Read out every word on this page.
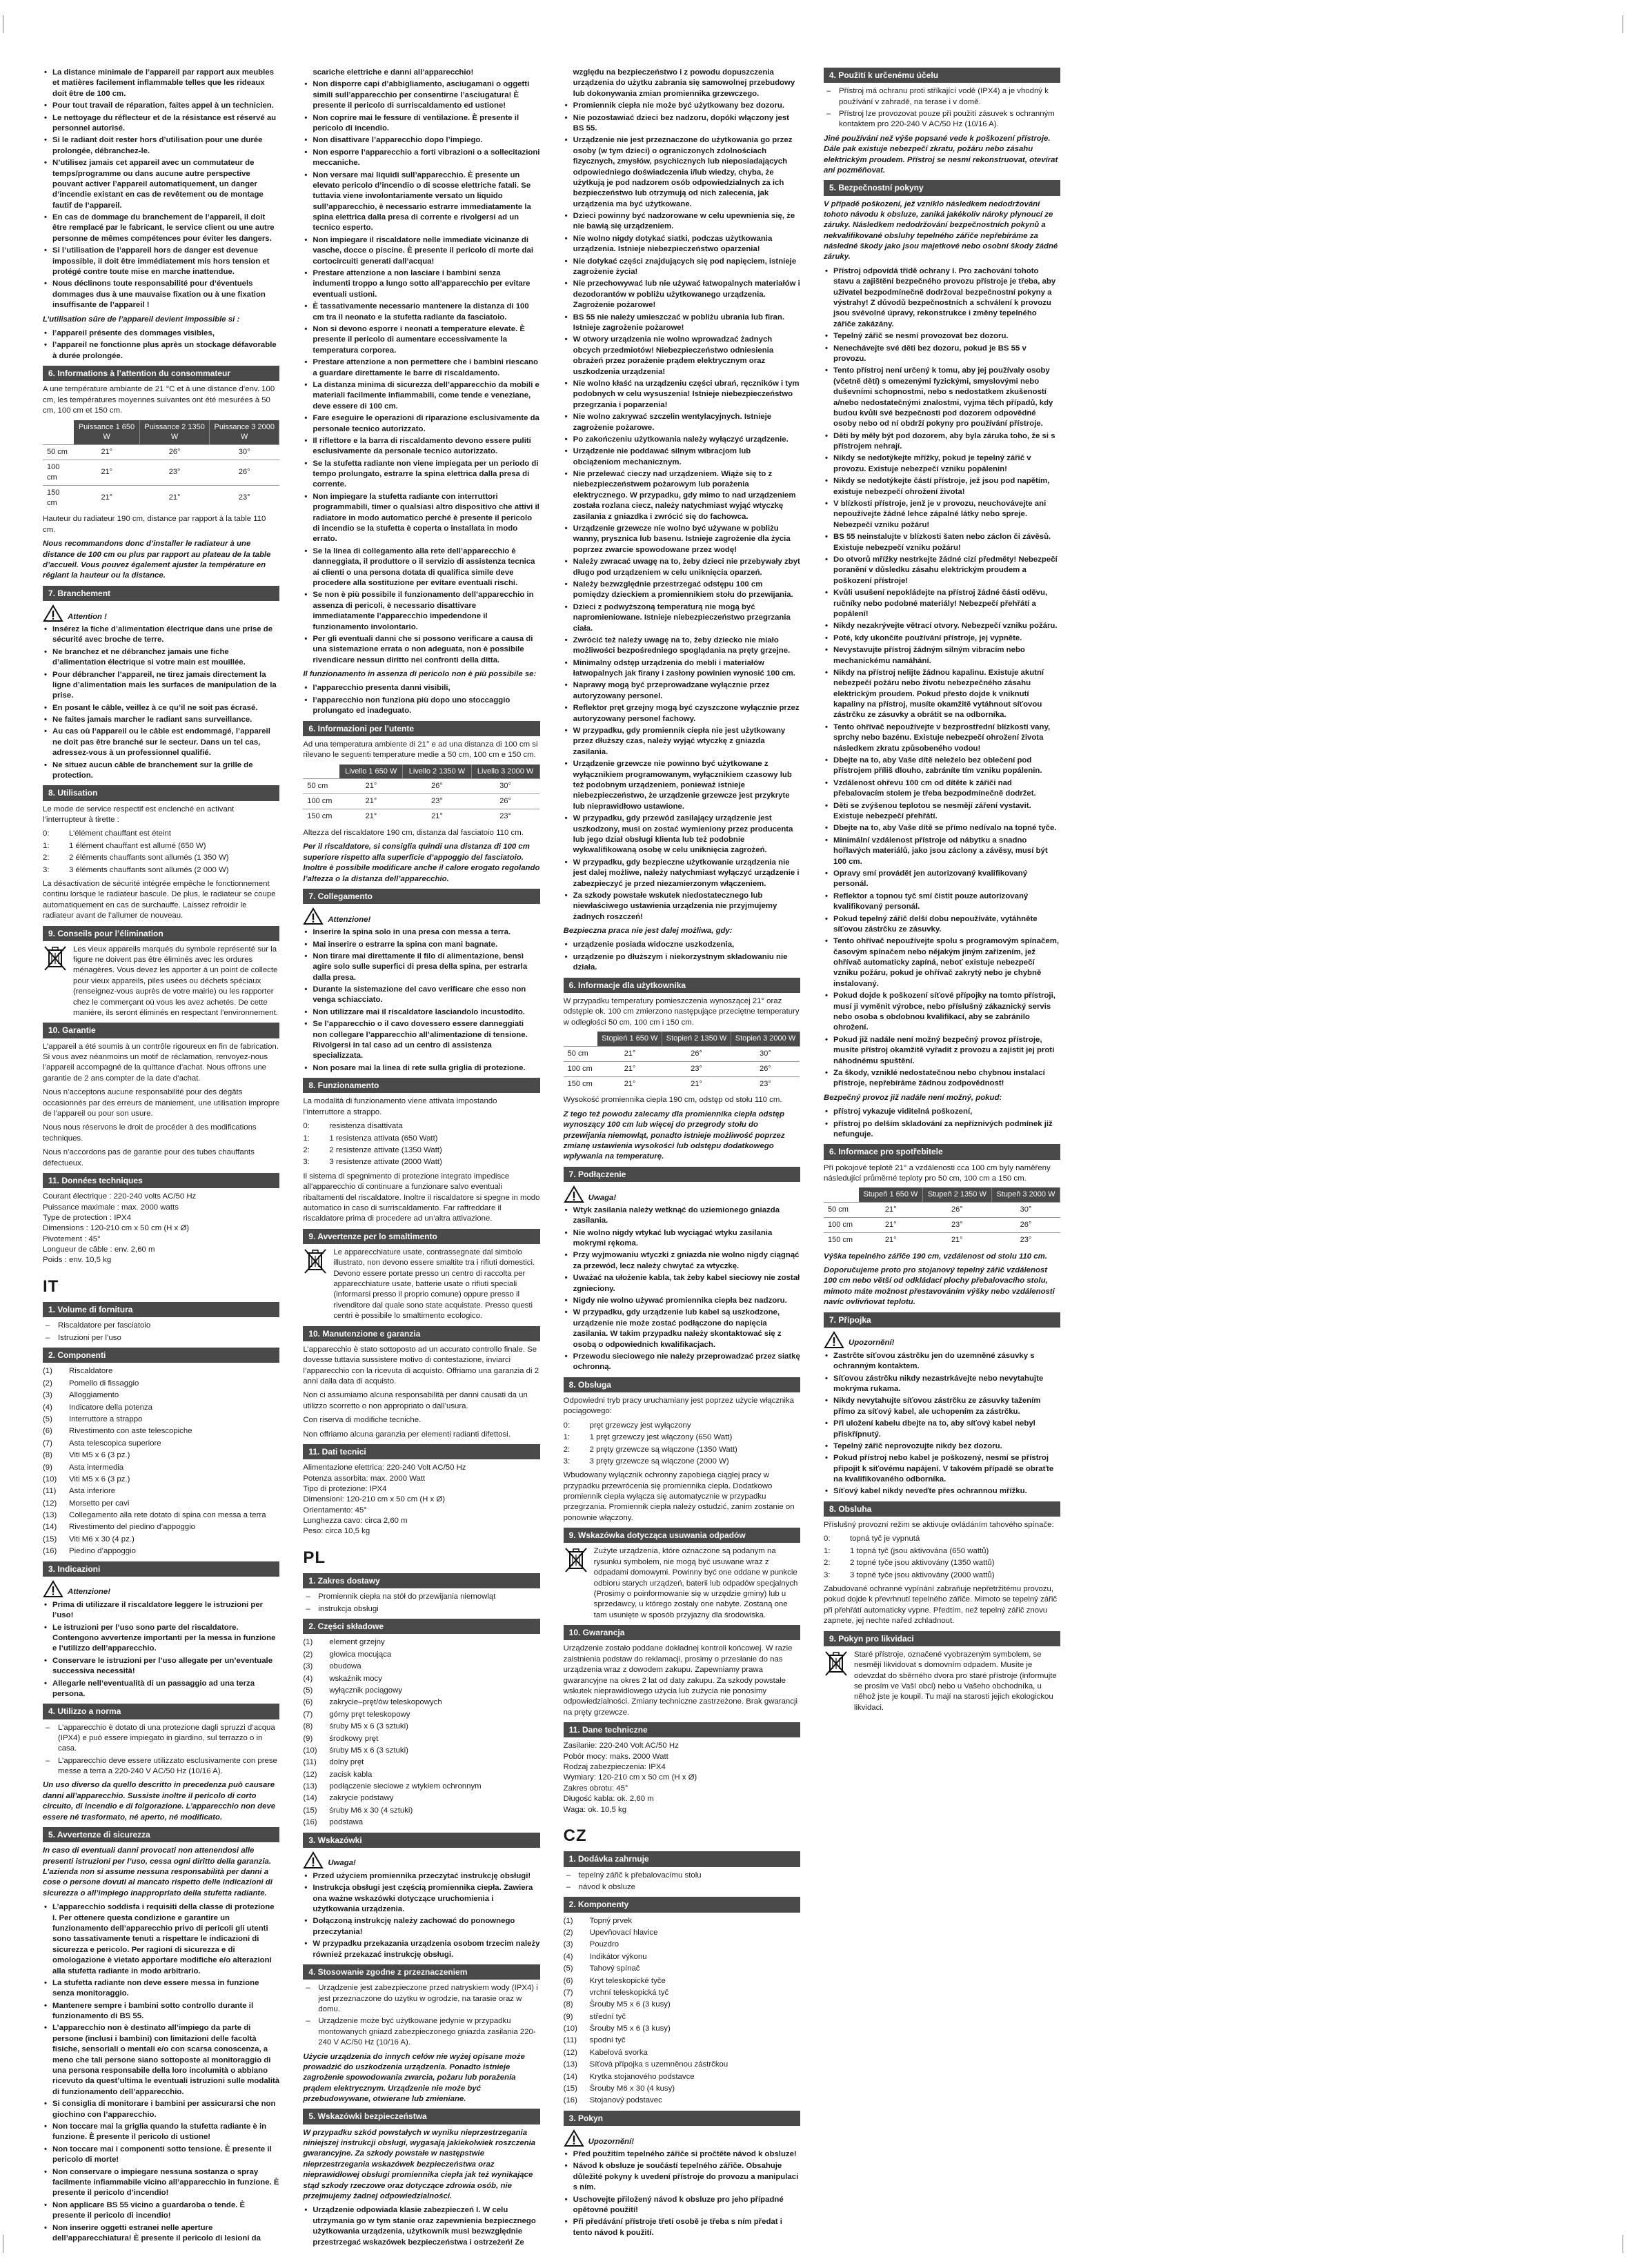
• La distance minimale de l’appareil par rapport aux meubles et matières facilement inflammable telles que les rideaux doit être de 100 cm.
• Pour tout travail de réparation, faites appel à un technicien.
• Le nettoyage du réflecteur et de la résistance est réservé au personnel autorisé.
• Si le radiant doit rester hors d’utilisation pour une durée prolongée, débranchez-le.
• N’utilisez jamais cet appareil avec un commutateur de temps/programme ou dans aucune autre perspective pouvant activer l’appareil automatiquement, un danger d’incendie existant en cas de revêtement ou de montage fautif de l’appareil.
• En cas de dommage du branchement de l’appareil, il doit être remplacé par le fabricant, le service client ou une autre personne de mêmes compétences pour éviter les dangers.
• Si l’utilisation de l’appareil hors de danger est devenue impossible, il doit être immédiatement mis hors tension et protégé contre toute mise en marche inattendue.
• Nous déclinons toute responsabilité pour d’éventuels dommages dus à une mauvaise fixation ou à une fixation insuffisante de l’appareil !

L’utilisation sûre de l’appareil devient impossible si :

• l’appareil présente des dommages visibles,
• l’appareil ne fonctionne plus après un stockage défavorable à durée prolongée.
6. Informations à l’attention du consommateur

A une température ambiante de 21 °C et à une distance d’env. 100 cm, les températures moyennes suivantes ont été mesurées à 50 cm, 100 cm et 150 cm.

	Puissance 1 650 W	Puissance 2 1350 W	Puissance 3 2000 W
50 cm	21°	26°	30°
100 cm	21°	23°	26°
150 cm	21°	21°	23°

Hauteur du radiateur 190 cm, distance par rapport à la table 110 cm.

Nous recommandons donc d’installer le radiateur à une distance de 100 cm ou plus par rapport au plateau de la table d’accueil. Vous pouvez également ajuster la température en réglant la hauteur ou la distance.

7. Branchement
Attention !
• Insérez la fiche d’alimentation électrique dans une prise de sécurité avec broche de terre.
• Ne branchez et ne débranchez jamais une fiche d’alimentation électrique si votre main est mouillée.
• Pour débrancher l’appareil, ne tirez jamais directement la ligne d’alimentation mais les surfaces de manipulation de la prise.
• En posant le câble, veillez à ce qu’il ne soit pas écrasé.
• Ne faites jamais marcher le radiant sans surveillance.
• Au cas où l’appareil ou le câble est endommagé, l’appareil ne doit pas être branché sur le secteur. Dans un tel cas, adressez-vous à un professionnel qualifié.
• Ne situez aucun câble de branchement sur la grille de protection.
8. Utilisation

Le mode de service respectif est enclenché en activant l’interrupteur à tirette :

0:	L’élément chauffant est éteint
1:	1 élément chauffant est allumé (650 W)
2:	2 éléments chauffants sont allumés (1 350 W)
3:	3 éléments chauffants sont allumés (2 000 W)

La désactivation de sécurité intégrée empêche le fonctionnement continu lorsque le radiateur bascule. De plus, le radiateur se coupe automatiquement en cas de surchauffe. Laissez refroidir le radiateur avant de l’allumer de nouveau.

9. Conseils pour l’élimination

Les vieux appareils marqués du symbole représenté sur la figure ne doivent pas être éliminés avec les ordures ménagères. Vous devez les apporter à un point de collecte pour vieux appareils, piles usées ou déchets spéciaux (renseignez-vous auprès de votre mairie) ou les rapporter chez le commerçant où vous les avez achetés. De cette manière, ils seront éliminés en respectant l’environnement.

10. Garantie

L’appareil a été soumis à un contrôle rigoureux en fin de fabrication. Si vous avez néanmoins un motif de réclamation, renvoyez-nous l’appareil accompagné de la quittance d’achat. Nous offrons une garantie de 2 ans compter de la date d’achat.

Nous n’acceptons aucune responsabilité pour des dégâts occasionnés par des erreurs de maniement, une utilisation impropre de l’appareil ou pour son usure.

Nous nous réservons le droit de procéder à des modifications techniques.

Nous n’accordons pas de garantie pour des tubes chauffants défectueux.

11. Données techniques
Courant électrique : 220-240 volts AC/50 Hz
Puissance maximale : max. 2000 watts
Type de protection : IPX4
Dimensions : 120-210 cm x 50 cm (H x Ø)
Pivotement : 45°
Longueur de câble : env. 2,60 m
Poids : env. 10,5 kg
IT
1. Volume di fornitura
– Riscaldatore per fasciatoio
– Istruzioni per l’uso
2. Componenti
(1)	Riscaldatore
(2)	Pomello di fissaggio
(3)	Alloggiamento
(4)	Indicatore della potenza
(5)	Interruttore a strappo
(6)	Rivestimento con aste telescopiche
(7)	Asta telescopica superiore
(8)	Viti M5 x 6 (3 pz.)
(9)	Asta intermedia
(10)	Viti M5 x 6 (3 pz.)
(11)	Asta inferiore
(12)	Morsetto per cavi
(13)	Collegamento alla rete dotato di spina con messa a terra
(14)	Rivestimento del piedino d’appoggio
(15)	Viti M6 x 30 (4 pz.)
(16)	Piedino d’appoggio
3. Indicazioni
Attenzione!
• Prima di utilizzare il riscaldatore leggere le istruzioni per l’uso!
• Le istruzioni per l’uso sono parte del riscaldatore. Contengono avvertenze importanti per la messa in funzione e l’utilizzo dell’apparecchio.
• Conservare le istruzioni per l’uso allegate per un’eventuale successiva necessità!
• Allegarle nell’eventualità di un passaggio ad una terza persona.
4. Utilizzo a norma
– L’apparecchio è dotato di una protezione dagli spruzzi d’acqua (IPX4) e può essere impiegato in giardino, sul terrazzo o in casa.
– L’apparecchio deve essere utilizzato esclusivamente con prese messe a terra a 220-240 V AC/50 Hz (10/16 A).

Un uso diverso da quello descritto in precedenza può causare danni all’apparecchio. Sussiste inoltre il pericolo di corto circuito, di incendio e di folgorazione. L’apparecchio non deve essere né trasformato, né aperto, né modificato.

5. Avvertenze di sicurezza

In caso di eventuali danni provocati non attenendosi alle presenti istruzioni per l’uso, cessa ogni diritto della garanzia. L’azienda non si assume nessuna responsabilità per danni a cose o persone dovuti al mancato rispetto delle indicazioni di sicurezza o all’impiego inappropriato della stufetta radiante.

• L’apparecchio soddisfa i requisiti della classe di protezione I. Per ottenere questa condizione e garantire un funzionamento dell’apparecchio privo di pericoli gli utenti sono tassativamente tenuti a rispettare le indicazioni di sicurezza e pericolo. Per ragioni di sicurezza e di omologazione è vietato apportare modifiche e/o alterazioni alla stufetta radiante in modo arbitrario.
• La stufetta radiante non deve essere messa in funzione senza monitoraggio.
• Mantenere sempre i bambini sotto controllo durante il funzionamento di BS 55.
• L’apparecchio non è destinato all’impiego da parte di persone (inclusi i bambini) con limitazioni delle facoltà fisiche, sensoriali o mentali e/o con scarsa conoscenza, a meno che tali persone siano sottoposte al monitoraggio di una persona responsabile della loro incolumità o abbiano ricevuto da quest’ultima le eventuali istruzioni sulle modalità di funzionamento dell’apparecchio.
• Si consiglia di monitorare i bambini per assicurarsi che non giochino con l’apparecchio.
• Non toccare mai la griglia quando la stufetta radiante è in funzione. È presente il pericolo di ustione!
• Non toccare mai i componenti sotto tensione. È presente il pericolo di morte!
• Non conservare o impiegare nessuna sostanza o spray facilmente infiammabile vicino all’apparecchio in funzione. È presente il pericolo d’incendio!
• Non applicare BS 55 vicino a guardaroba o tende. È presente il pericolo di incendio!
• Non inserire oggetti estranei nelle aperture dell’apparecchiatura! È presente il pericolo di lesioni da scariche elettriche e danni all’apparecchio!
• Non disporre capi d’abbigliamento, asciugamani o oggetti simili sull’apparecchio per consentirne l’asciugatura! È presente il pericolo di surriscaldamento ed ustione!
• Non coprire mai le fessure di ventilazione. È presente il pericolo di incendio.
• Non disattivare l’apparecchio dopo l’impiego.
• Non esporre l’apparecchio a forti vibrazioni o a sollecitazioni meccaniche.
• Non versare mai liquidi sull’apparecchio. È presente un elevato pericolo d’incendio o di scosse elettriche fatali. Se tuttavia viene involontariamente versato un liquido sull’apparecchio, è necessario estrarre immediatamente la spina elettrica dalla presa di corrente e rivolgersi ad un tecnico esperto.
• Non impiegare il riscaldatore nelle immediate vicinanze di vasche, docce o piscine. È presente il pericolo di morte dai cortocircuiti generati dall’acqua!
• Prestare attenzione a non lasciare i bambini senza indumenti troppo a lungo sotto all’apparecchio per evitare eventuali ustioni.
• È tassativamente necessario mantenere la distanza di 100 cm tra il neonato e la stufetta radiante da fasciatoio.
• Non si devono esporre i neonati a temperature elevate. È presente il pericolo di aumentare eccessivamente la temperatura corporea.
• Prestare attenzione a non permettere che i bambini riescano a guardare direttamente le barre di riscaldamento.
• La distanza minima di sicurezza dell’apparecchio da mobili e materiali facilmente infiammabili, come tende e veneziane, deve essere di 100 cm.
• Fare eseguire le operazioni di riparazione esclusivamente da personale tecnico autorizzato.
• Il riflettore e la barra di riscaldamento devono essere puliti esclusivamente da personale tecnico autorizzato.
• Se la stufetta radiante non viene impiegata per un periodo di tempo prolungato, estrarre la spina elettrica dalla presa di corrente.
• Non impiegare la stufetta radiante con interruttori programmabili, timer o qualsiasi altro dispositivo che attivi il radiatore in modo automatico perché è presente il pericolo di incendio se la stufetta è coperta o installata in modo errato.
• Se la linea di collegamento alla rete dell’apparecchio è danneggiata, il produttore o il servizio di assistenza tecnica ai clienti o una persona dotata di qualifica simile deve procedere alla sostituzione per evitare eventuali rischi.
• Se non è più possibile il funzionamento dell’apparecchio in assenza di pericoli, è necessario disattivare immediatamente l’apparecchio impedendone il funzionamento involontario.
• Per gli eventuali danni che si possono verificare a causa di una sistemazione errata o non adeguata, non è possibile rivendicare nessun diritto nei confronti della ditta.

Il funzionamento in assenza di pericolo non è più possibile se:

• l’apparecchio presenta danni visibili,
• l’apparecchio non funziona più dopo uno stoccaggio prolungato ed inadeguato.
6. Informazioni per l’utente

Ad una temperatura ambiente di 21° e ad una distanza di 100 cm si rilevano le seguenti temperature medie a 50 cm, 100 cm e 150 cm.

	Livello 1 650 W	Livello 2 1350 W	Livello 3 2000 W
50 cm	21°	26°	30°
100 cm	21°	23°	26°
150 cm	21°	21°	23°

Altezza del riscaldatore 190 cm, distanza dal fasciatoio 110 cm.

Per il riscaldatore, si consiglia quindi una distanza di 100 cm superiore rispetto alla superficie d’appoggio del fasciatoio. Inoltre è possibile modificare anche il calore erogato regolando l’altezza o la distanza dell’apparecchio.

7. Collegamento
Attenzione!
• Inserire la spina solo in una presa con messa a terra.
• Mai inserire o estrarre la spina con mani bagnate.
• Non tirare mai direttamente il filo di alimentazione, bensì agire solo sulle superfici di presa della spina, per estrarla dalla presa.
• Durante la sistemazione del cavo verificare che esso non venga schiacciato.
• Non utilizzare mai il riscaldatore lasciandolo incustodito.
• Se l’apparecchio o il cavo dovessero essere danneggiati non collegare l’apparecchio all’alimentazione di tensione. Rivolgersi in tal caso ad un centro di assistenza specializzata.
• Non posare mai la linea di rete sulla griglia di protezione.
8. Funzionamento

La modalità di funzionamento viene attivata impostando l’interruttore a strappo.

0:	resistenza disattivata
1:	1 resistenza attivata (650 Watt)
2:	2 resistenze attivate (1350 Watt)
3:	3 resistenze attivate (2000 Watt)

Il sistema di spegnimento di protezione integrato impedisce all’apparecchio di continuare a funzionare salvo eventuali ribaltamenti del riscaldatore. Inoltre il riscaldatore si spegne in modo automatico in caso di surriscaldamento. Far raffreddare il riscaldatore prima di procedere ad un’altra attivazione.

9. Avvertenze per lo smaltimento

Le apparecchiature usate, contrassegnate dal simbolo illustrato, non devono essere smaltite tra i rifiuti domestici. Devono essere portate presso un centro di raccolta per apparecchiature usate, batterie usate o rifiuti speciali (informarsi presso il proprio comune) oppure presso il rivenditore dal quale sono state acquistate. Presso questi centri è possibile lo smaltimento ecologico.

10. Manutenzione e garanzia

L’apparecchio è stato sottoposto ad un accurato controllo finale. Se dovesse tuttavia sussistere motivo di contestazione, inviarci l’apparecchio con la ricevuta di acquisto. Offriamo una garanzia di 2 anni dalla data di acquisto.

Non ci assumiamo alcuna responsabilità per danni causati da un utilizzo scorretto o non appropriato o dall’usura.

Con riserva di modifiche tecniche.

Non offriamo alcuna garanzia per elementi radianti difettosi.

11. Dati tecnici
Alimentazione elettrica: 220-240 Volt AC/50 Hz
Potenza assorbita: max. 2000 Watt
Tipo di protezione: IPX4
Dimensioni: 120-210 cm x 50 cm (H x Ø)
Orientamento: 45°
Lunghezza cavo: circa 2,60 m
Peso: circa 10,5 kg
PL
1. Zakres dostawy
– Promiennik ciepła na stół do przewijania niemowląt
– instrukcja obsługi
2. Części składowe
(1)	element grzejny
(2)	głowica mocująca
(3)	obudowa
(4)	wskaźnik mocy
(5)	wyłącznik pociągowy
(6)	zakrycie–pręt/ów teleskopowych
(7)	górny pręt teleskopowy
(8)	śruby M5 x 6 (3 sztuki)
(9)	środkowy pręt
(10)	śruby M5 x 6 (3 sztuki)
(11)	dolny pręt
(12)	zacisk kabla
(13)	podłączenie sieciowe z wtykiem ochronnym
(14)	zakrycie podstawy
(15)	śruby M6 x 30 (4 sztuki)
(16)	podstawa
3. Wskazówki
Uwaga!
• Przed użyciem promiennika przeczytać instrukcję obsługi!
• Instrukcja obsługi jest częścią promiennika ciepła. Zawiera ona ważne wskazówki dotyczące uruchomienia i użytkowania urządzenia.
• Dołączoną instrukcję należy zachować do ponownego przeczytania!
• W przypadku przekazania urządzenia osobom trzecim należy również przekazać instrukcję obsługi.
4. Stosowanie zgodne z przeznaczeniem
– Urządzenie jest zabezpieczone przed natryskiem wody (IPX4) i jest przeznaczone do użytku w ogrodzie, na tarasie oraz w domu.
– Urządzenie może być użytkowane jedynie w przypadku montowanych gniazd zabezpieczonego gniazda zasilania 220-240 V AC/50 Hz (10/16 A).

Użycie urządzenia do innych celów nie wyżej opisane może prowadzić do uszkodzenia urządzenia. Ponadto istnieje zagrożenie spowodowania zwarcia, pożaru lub porażenia prądem elektrycznym. Urządzenie nie może być przebudowywane, otwierane lub zmieniane.

5. Wskazówki bezpieczeństwa

W przypadku szkód powstałych w wyniku nieprzestrzegania niniejszej instrukcji obsługi, wygasają jakiekolwiek roszczenia gwarancyjne. Za szkody powstałe w następstwie nieprzestrzegania wskazówek bezpieczeństwa oraz nieprawidłowej obsługi promiennika ciepła jak też wynikające stąd szkody rzeczowe oraz dotyczące zdrowia osób, nie przejmujemy żadnej odpowiedzialności.

• Urządzenie odpowiada klasie zabezpieczeń I. W celu utrzymania go w tym stanie oraz zapewnienia bezpiecznego użytkowania urządzenia, użytkownik musi bezwzględnie przestrzegać wskazówek bezpieczeństwa i ostrzeżeń! Ze względu na bezpieczeństwo i z powodu dopuszczenia urządzenia do użytku zabrania się samowolnej przebudowy lub dokonywania zmian promiennika grzewczego.
• Promiennik ciepła nie może być użytkowany bez dozoru.
• Nie pozostawiać dzieci bez nadzoru, dopóki włączony jest BS 55.
• Urządzenie nie jest przeznaczone do użytkowania go przez osoby (w tym dzieci) o ograniczonych zdolnościach fizycznych, zmysłów, psychicznych lub nieposiadających odpowiedniego doświadczenia i/lub wiedzy, chyba, że użytkują je pod nadzorem osób odpowiedzialnych za ich bezpieczeństwo lub otrzymują od nich zalecenia, jak urządzenia ma być użytkowane.
• Dzieci powinny być nadzorowane w celu upewnienia się, że nie bawią się urządzeniem.
• Nie wolno nigdy dotykać siatki, podczas użytkowania urządzenia. Istnieje niebezpieczeństwo oparzenia!
• Nie dotykać części znajdujących się pod napięciem, istnieje zagrożenie życia!
• Nie przechowywać lub nie używać łatwopalnych materiałów i dezodorantów w pobliżu użytkowanego urządzenia. Zagrożenie pożarowe!
• BS 55 nie należy umieszczać w pobliżu ubrania lub firan. Istnieje zagrożenie pożarowe!
• W otwory urządzenia nie wolno wprowadzać żadnych obcych przedmiotów! Niebezpieczeństwo odniesienia obrażeń przez porażenie prądem elektrycznym oraz uszkodzenia urządzenia!
• Nie wolno kłaść na urządzeniu części ubrań, ręczników i tym podobnych w celu wysuszenia! Istnieje niebezpieczeństwo przegrzania i poparzenia!
• Nie wolno zakrywać szczelin wentylacyjnych. Istnieje zagrożenie pożarowe.
• Po zakończeniu użytkowania należy wyłączyć urządzenie.
• Urządzenie nie poddawać silnym wibracjom lub obciążeniom mechanicznym.
• Nie przelewać cieczy nad urządzeniem. Wiąże się to z niebezpieczeństwem pożarowym lub porażenia elektrycznego. W przypadku, gdy mimo to nad urządzeniem została rozlana ciecz, należy natychmiast wyjąć wtyczkę zasilania z gniazdka i zwrócić się do fachowca.
• Urządzenie grzewcze nie wolno być używane w pobliżu wanny, prysznica lub basenu. Istnieje zagrożenie dla życia poprzez zwarcie spowodowane przez wodę!
• Należy zwracać uwagę na to, żeby dzieci nie przebywały zbyt długo pod urządzeniem w celu uniknięcia oparzeń.
• Należy bezwzględnie przestrzegać odstępu 100 cm pomiędzy dzieckiem a promiennikiem stołu do przewijania.
• Dzieci z podwyższoną temperaturą nie mogą być napromieniowane. Istnieje niebezpieczeństwo przegrzania ciała.
• Zwrócić też należy uwagę na to, żeby dziecko nie miało możliwości bezpośredniego spoglądania na pręty grzejne.
• Minimalny odstęp urządzenia do mebli i materiałów łatwopalnych jak firany i zasłony powinien wynosić 100 cm.
• Naprawy mogą być przeprowadzane wyłącznie przez autoryzowany personel.
• Reflektor pręt grzejny mogą być czyszczone wyłącznie przez autoryzowany personel fachowy.
• W przypadku, gdy promiennik ciepła nie jest użytkowany przez dłuższy czas, należy wyjąć wtyczkę z gniazda zasilania.
• Urządzenie grzewcze nie powinno być użytkowane z wyłącznikiem programowanym, wyłącznikiem czasowy lub też podobnym urządzeniem, ponieważ istnieje niebezpieczeństwo, że urządzenie grzewcze jest przykryte lub nieprawidłowo ustawione.
• W przypadku, gdy przewód zasilający urządzenie jest uszkodzony, musi on zostać wymieniony przez producenta lub jego dział obsługi klienta lub też podobnie wykwalifikowaną osobę w celu uniknięcia zagrożeń.
• W przypadku, gdy bezpieczne użytkowanie urządzenia nie jest dalej możliwe, należy natychmiast wyłączyć urządzenie i zabezpieczyć je przed niezamierzonym włączeniem.
• Za szkody powstałe wskutek niedostatecznego lub niewłaściwego ustawienia urządzenia nie przyjmujemy żadnych roszczeń!

Bezpieczna praca nie jest dalej możliwa, gdy:

• urządzenie posiada widoczne uszkodzenia,
• urządzenie po dłuższym i niekorzystnym składowaniu nie działa.
6. Informacje dla użytkownika

W przypadku temperatury pomieszczenia wynoszącej 21° oraz odstępie ok. 100 cm zmierzono następujące przeciętne temperatury w odległości 50 cm, 100 cm i 150 cm.

	Stopień 1 650 W	Stopień 2 1350 W	Stopień 3 2000 W
50 cm	21°	26°	30°
100 cm	21°	23°	26°
150 cm	21°	21°	23°

Wysokość promiennika ciepła 190 cm, odstęp od stołu 110 cm.

Z tego też powodu zalecamy dla promiennika ciepła odstęp wynoszący 100 cm lub więcej do przegrody stołu do przewijania niemowląt, ponadto istnieje możliwość poprzez zmianę ustawienia wysokości lub odstępu dodatkowego wpływania na temperaturę.

7. Podłączenie
Uwaga!
• Wtyk zasilania należy wetknąć do uziemionego gniazda zasilania.
• Nie wolno nigdy wtykać lub wyciągać wtyku zasilania mokrymi rękoma.
• Przy wyjmowaniu wtyczki z gniazda nie wolno nigdy ciągnąć za przewód, lecz należy chwytać za wtyczkę.
• Uważać na ułożenie kabla, tak żeby kabel sieciowy nie został zgnieciony.
• Nigdy nie wolno używać promiennika ciepła bez nadzoru.
• W przypadku, gdy urządzenie lub kabel są uszkodzone, urządzenie nie może zostać podłączone do napięcia zasilania. W takim przypadku należy skontaktować się z osobą o odpowiednich kwalifikacjach.
• Przewodu sieciowego nie należy przeprowadzać przez siatkę ochronną.
8. Obsługa

Odpowiedni tryb pracy uruchamiany jest poprzez użycie włącznika pociągowego:

0:	pręt grzewczy jest wyłączony
1:	1 pręt grzewczy jest włączony (650 Watt)
2:	2 pręty grzewcze są włączone (1350 Watt)
3:	3 pręty grzewcze są włączone (2000 W)

Wbudowany wyłącznik ochronny zapobiega ciągłej pracy w przypadku przewrócenia się promiennika ciepła. Dodatkowo promiennik ciepła wyłącza się automatycznie w przypadku przegrzania. Promiennik ciepła należy ostudzić, zanim zostanie on ponownie włączony.

9. Wskazówka dotycząca usuwania odpadów

Zużyte urządzenia, które oznaczone są podanym na rysunku symbolem, nie mogą być usuwane wraz z odpadami domowymi. Powinny być one oddane w punkcie odbioru starych urządzeń, baterii lub odpadów specjalnych (Prosimy o poinformowanie się w urzędzie gminy) lub u sprzedawcy, u którego zostały one nabyte. Zostaną one tam usunięte w sposób przyjazny dla środowiska.

10. Gwarancja

Urządzenie zostało poddane dokładnej kontroli końcowej. W razie zaistnienia podstaw do reklamacji, prosimy o przesłanie do nas urządzenia wraz z dowodem zakupu. Zapewniamy prawa gwarancyjne na okres 2 lat od daty zakupu. Za szkody powstałe wskutek nieprawidłowego użycia lub zużycia nie ponosimy odpowiedzialności. Zmiany techniczne zastrzeżone. Brak gwarancji na pręty grzewcze.

11. Dane techniczne
Zasilanie: 220-240 Volt AC/50 Hz
Pobór mocy: maks. 2000 Watt
Rodzaj zabezpieczenia: IPX4
Wymiary: 120-210 cm x 50 cm (H x Ø)
Zakres obrotu: 45°
Długość kabla: ok. 2,60 m
Waga: ok. 10,5 kg
CZ
1. Dodávka zahrnuje
– tepelný zářič k přebalovacímu stolu
– návod k obsluze
2. Komponenty
(1)	Topný prvek
(2)	Upevňovací hlavice
(3)	Pouzdro
(4)	Indikátor výkonu
(5)	Tahový spínač
(6)	Kryt teleskopické tyče
(7)	vrchní teleskopická tyč
(8)	Šrouby M5 x 6 (3 kusy)
(9)	střední tyč
(10)	Šrouby M5 x 6 (3 kusy)
(11)	spodní tyč
(12)	Kabelová svorka
(13)	Síťová přípojka s uzemněnou zástrčkou
(14)	Krytka stojanového podstavce
(15)	Šrouby M6 x 30 (4 kusy)
(16)	Stojanový podstavec
3. Pokyn
Upozornění!
• Před použitím tepelného zářiče si pročtěte návod k obsluze!
• Návod k obsluze je součástí tepelného zářiče. Obsahuje důležité pokyny k uvedení přístroje do provozu a manipulaci s ním.
• Uschovejte přiložený návod k obsluze pro jeho případné opětovné použití!
• Při předávání přístroje třetí osobě je třeba s ním předat i tento návod k použití.
4. Použití k určenému účelu
– Přístroj má ochranu proti stříkající vodě (IPX4) a je vhodný k používání v zahradě, na terase i v domě.
– Přístroj lze provozovat pouze při použití zásuvek s ochranným kontaktem pro 220-240 V AC/50 Hz (10/16 A).

Jiné používání než výše popsané vede k poškození přístroje. Dále pak existuje nebezpečí zkratu, požáru nebo zásahu elektrickým proudem. Přístroj se nesmí rekonstruovat, otevírat ani pozměňovat.

5. Bezpečnostní pokyny

V případě poškození, jež vzniklo následkem nedodržování tohoto návodu k obsluze, zaniká jakékoliv nároky plynoucí ze záruky. Následkem nedodržování bezpečnostních pokynů a nekvalifikované obsluhy tepelného zářiče nepřebíráme za následné škody jako jsou majetkové nebo osobní škody žádné záruky.

• Přístroj odpovídá třídě ochrany I. Pro zachování tohoto stavu a zajištění bezpečného provozu přístroje je třeba, aby uživatel bezpodmínečně dodržoval bezpečnostní pokyny a výstrahy! Z důvodů bezpečnostních a schválení k provozu jsou svévolné úpravy, rekonstrukce i změny tepelného zářiče zakázány.
• Tepelný zářič se nesmí provozovat bez dozoru.
• Nenechávejte své děti bez dozoru, pokud je BS 55 v provozu.
• Tento přístroj není určený k tomu, aby jej používaly osoby (včetně dětí) s omezenými fyzickými, smyslovými nebo duševními schopnostmi, nebo s nedostatkem zkušeností a/nebo nedostatečnými znalostmi, vyjma těch případů, kdy budou kvůli své bezpečnosti pod dozorem odpovědné osoby nebo od ní obdrží pokyny pro používání přístroje.
• Děti by měly být pod dozorem, aby byla záruka toho, že si s přístrojem nehrají.
• Nikdy se nedotýkejte mřížky, pokud je tepelný zářič v provozu. Existuje nebezpečí vzniku popálenin!
• Nikdy se nedotýkejte částí přístroje, jež jsou pod napětím, existuje nebezpečí ohrožení života!
• V blízkosti přístroje, jenž je v provozu, neuchovávejte ani nepoužívejte žádné lehce zápalné látky nebo spreje. Nebezpečí vzniku požáru!
• BS 55 neinstalujte v blízkosti šaten nebo záclon či závěsů. Existuje nebezpečí vzniku požáru!
• Do otvorů mřížky nestrkejte žádné cizí předměty! Nebezpečí poranění v důsledku zásahu elektrickým proudem a poškození přístroje!
• Kvůli usušení nepokládejte na přístroj žádné části oděvu, ručníky nebo podobné materiály! Nebezpečí přehřátí a popálení!
• Nikdy nezakrývejte větrací otvory. Nebezpečí vzniku požáru.
• Poté, kdy ukončíte používání přístroje, jej vypněte.
• Nevystavujte přístroj žádným silným vibracím nebo mechanickému namáhání.
• Nikdy na přístroj nelijte žádnou kapalinu. Existuje akutní nebezpečí požáru nebo životu nebezpečného zásahu elektrickým proudem. Pokud přesto dojde k vniknutí kapaliny na přístroj, musíte okamžitě vytáhnout síťovou zástrčku ze zásuvky a obrátit se na odborníka.
• Tento ohřívač nepoužívejte v bezprostřední blízkosti vany, sprchy nebo bazénu. Existuje nebezpečí ohrožení života následkem zkratu způsobeného vodou!
• Dbejte na to, aby Vaše dítě neleželo bez oblečení pod přístrojem příliš dlouho, zabráníte tím vzniku popálenin.
• Vzdálenost ohřevu 100 cm od dítěte k zářiči nad přebalovacím stolem je třeba bezpodmínečně dodržet.
• Děti se zvýšenou teplotou se nesmějí záření vystavit. Existuje nebezpečí přehřátí.
• Dbejte na to, aby Vaše dítě se přímo nedívalo na topné tyče.
• Minimální vzdálenost přístroje od nábytku a snadno hořlavých materiálů, jako jsou záclony a závěsy, musí být 100 cm.
• Opravy smí provádět jen autorizovaný kvalifikovaný personál.
• Reflektor a topnou tyč smí čistit pouze autorizovaný kvalifikovaný personál.
• Pokud tepelný zářič delší dobu nepoužíváte, vytáhněte síťovou zástrčku ze zásuvky.
• Tento ohřívač nepoužívejte spolu s programovým spínačem, časovým spínačem nebo nějakým jiným zařízením, jež ohřívač automaticky zapíná, neboť existuje nebezpečí vzniku požáru, pokud je ohřívač zakrytý nebo je chybně instalovaný.
• Pokud dojde k poškození síťové přípojky na tomto přístroji, musí ji vyměnit výrobce, nebo příslušný zákaznický servis nebo osoba s obdobnou kvalifikací, aby se zabránilo ohrožení.
• Pokud již nadále není možný bezpečný provoz přístroje, musíte přístroj okamžitě vyřadit z provozu a zajistit jej proti náhodnému spuštění.
• Za škody, vzniklé nedostatečnou nebo chybnou instalací přístroje, nepřebíráme žádnou zodpovědnost!

Bezpečný provoz již nadále není možný, pokud:

• přístroj vykazuje viditelná poškození,
• přístroj po delším skladování za nepříznivých podmínek již nefunguje.
6. Informace pro spotřebitele

Při pokojové teplotě 21° a vzdálenosti cca 100 cm byly naměřeny následující průměrné teploty pro 50 cm, 100 cm a 150 cm.

	Stupeň 1 650 W	Stupeň 2 1350 W	Stupeň 3 2000 W
50 cm	21°	26°	30°
100 cm	21°	23°	26°
150 cm	21°	21°	23°

Výška tepelného zářiče 190 cm, vzdálenost od stolu 110 cm.

Doporučujeme proto pro stojanový tepelný zářič vzdálenost 100 cm nebo větší od odkládací plochy přebalovacího stolu, mimoto máte možnost přestavováním výšky nebo vzdálenosti navíc ovlivňovat teplotu.

7. Přípojka
Upozornění!
• Zastrčte síťovou zástrčku jen do uzemněné zásuvky s ochranným kontaktem.
• Síťovou zástrčku nikdy nezastrkávejte nebo nevytahujte mokrýma rukama.
• Nikdy nevytahujte síťovou zástrčku ze zásuvky tažením přímo za síťový kabel, ale uchopením za zástrčku.
• Při uložení kabelu dbejte na to, aby síťový kabel nebyl přiskřípnutý.
• Tepelný zářič neprovozujte nikdy bez dozoru.
• Pokud přístroj nebo kabel je poškozený, nesmí se přístroj připojit k síťovému napájení. V takovém případě se obraťte na kvalifikovaného odborníka.
• Síťový kabel nikdy neveďte přes ochrannou mřížku.
8. Obsluha

Příslušný provozní režim se aktivuje ovládáním tahového spínače:

0:	topná tyč je vypnutá
1:	1 topná tyč (jsou aktivována (650 wattů)
2:	2 topné tyče jsou aktivovány (1350 wattů)
3:	3 topné tyče jsou aktivovány (2000 wattů)

Zabudované ochranné vypínání zabraňuje nepřetržitému provozu, pokud dojde k převrhnutí tepelného zářiče. Mimoto se tepelný zářič při přehřátí automaticky vypne. Předtím, než tepelný zářič znovu zapnete, jej nechte nařed zchladnout.

9. Pokyn pro likvidaci

Staré přístroje, označené vyobrazeným symbolem, se nesmějí likvidovat s domovním odpadem. Musíte je odevzdat do sběrného dvora pro staré přístroje (informujte se prosím ve Vaší obci) nebo u Vašeho obchodníka, u něhož jste je koupil. Tu mají na starosti jejich ekologickou likvidaci.
